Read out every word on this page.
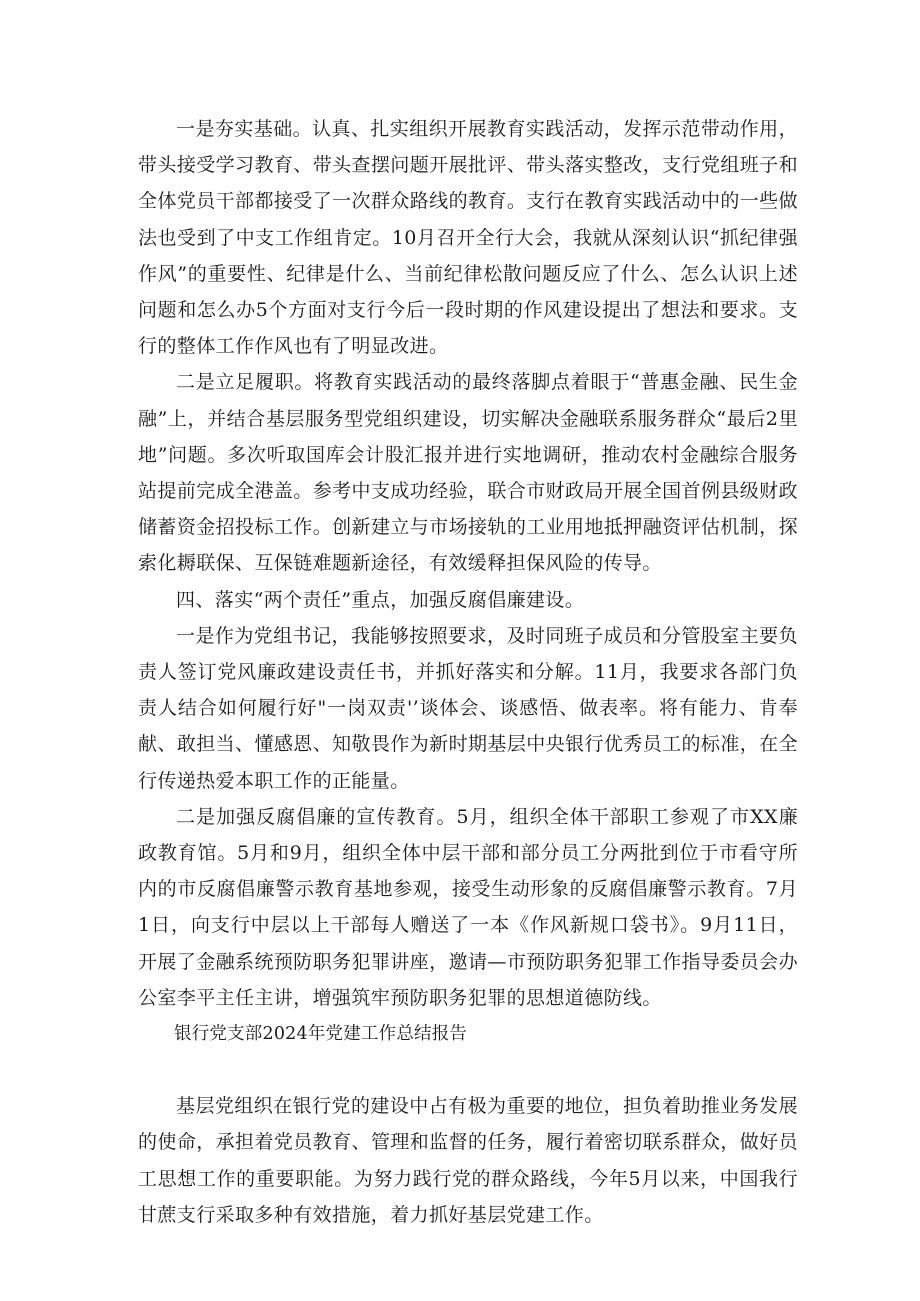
一是夯实基础。认真、扎实组织开展教育实践活动，发挥示范带动作用，带头接受学习教育、带头查摆问题开展批评、带头落实整改，支行党组班子和全体党员干部都接受了一次群众路线的教育。支行在教育实践活动中的一些做法也受到了中支工作组肯定。10月召开全行大会，我就从深刻认识“抓纪律强作风”的重要性、纪律是什么、当前纪律松散问题反应了什么、怎么认识上述问题和怎么办5个方面对支行今后一段时期的作风建设提出了想法和要求。支行的整体工作作风也有了明显改进。

二是立足履职。将教育实践活动的最终落脚点着眼于“普惠金融、民生金融”上，并结合基层服务型党组织建设，切实解决金融联系服务群众“最后2里地”问题。多次听取国库会计股汇报并进行实地调研，推动农村金融综合服务站提前完成全港盖。参考中支成功经验，联合市财政局开展全国首例县级财政储蓄资金招投标工作。创新建立与市场接轨的工业用地抵押融资评估机制，探索化耨联保、互保链难题新途径，有效缓释担保风险的传导。

四、落实“两个责任”重点，加强反腐倡廉建设。

一是作为党组书记，我能够按照要求，及时同班子成员和分管股室主要负责人签订党风廉政建设责任书，并抓好落实和分解。11月，我要求各部门负责人结合如何履行好"一岗双责'’谈体会、谈感悟、做表率。将有能力、肯奉献、敢担当、懂感恩、知敬畏作为新时期基层中央银行优秀员工的标准，在全行传递热爱本职工作的正能量。

二是加强反腐倡廉的宣传教育。5月，组织全体干部职工参观了市XX廉政教育馆。5月和9月，组织全体中层干部和部分员工分两批到位于市看守所内的市反腐倡廉警示教育基地参观，接受生动形象的反腐倡廉警示教育。7月1日，向支行中层以上干部每人赠送了一本《作风新规口袋书》。9月11日，开展了金融系统预防职务犯罪讲座，邀请—市预防职务犯罪工作指导委员会办公室李平主任主讲，增强筑牢预防职务犯罪的思想道德防线。

银行党支部2024年党建工作总结报告

基层党组织在银行党的建设中占有极为重要的地位，担负着助推业务发展的使命，承担着党员教育、管理和监督的任务，履行着密切联系群众，做好员工思想工作的重要职能。为努力践行党的群众路线，今年5月以来，中国我行甘蔗支行采取多种有效措施，着力抓好基层党建工作。
